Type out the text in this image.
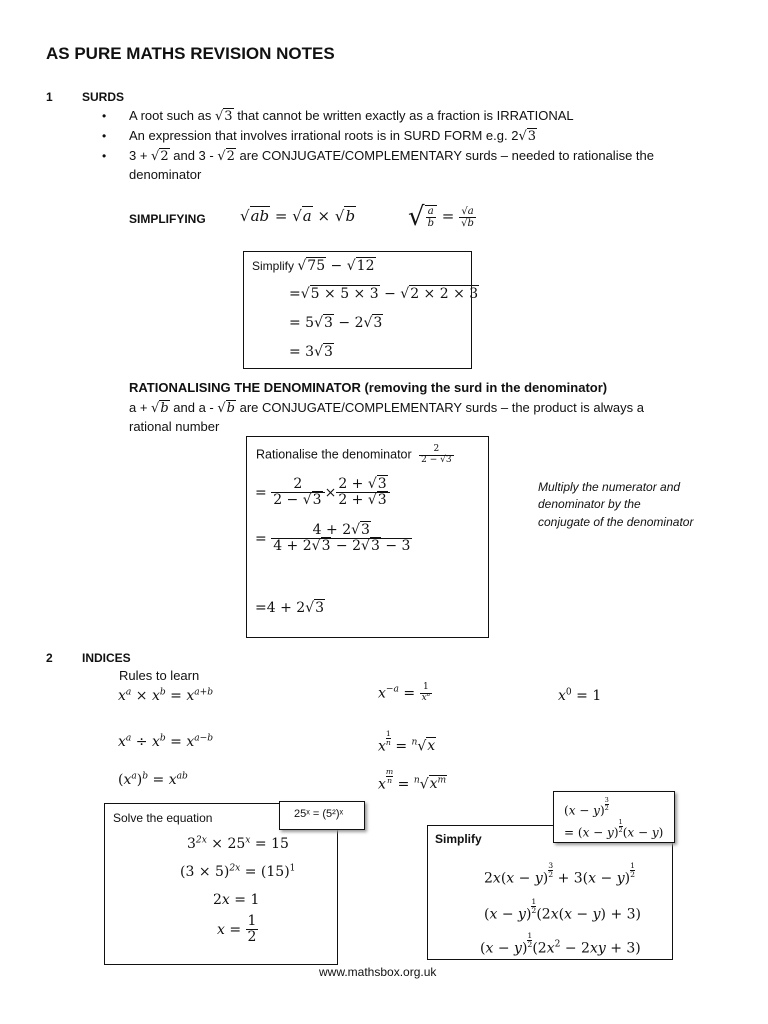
AS PURE MATHS REVISION NOTES
1 SURDS
• A root such as √3 that cannot be written exactly as a fraction is IRRATIONAL
• An expression that involves irrational roots is in SURD FORM e.g. 2√3
• 3 + √2 and 3 - √2 are CONJUGATE/COMPLEMENTARY surds – needed to rationalise the
denominator
SIMPLIFYING √ab = √a × √b √ $\frac{a}{b} = \frac{√a}{√b}$
Simplify √75 − √12
=√5 × 5 × 3 − √2 × 2 × 3
= 5√3 − 2√3
= 3√3
RATIONALISING THE DENOMINATOR (removing the surd in the denominator)
a + √b and a - √b are CONJUGATE/COMPLEMENTARY surds – the product is always a
rational number
Rationalise the denominator $\frac{2}{2 - √3}$
= $\frac{2}{2 - √3} \times \frac{2 + √3}{2 + √3}$
= $\frac{4 + 2√3}{4 + 2√3 - 2√3 - 3}$
=4 + 2√3
Multiply the numerator and
denominator by the
conjugate of the denominator
2 INDICES
Rules to learn
$x^a \times x^b = x^{a+b}$	$x^{-a} = \frac{1}{x^a}$	$x^0 = 1$
$x^a \div x^b = x^{a-b}$
x $\frac{1}{n} = ^n√x$
$(x^a)^b = x^{ab}$
x $\frac{m}{n} = ^n√x^m$
Solve the equation
$3^{2x} \times 25^x = 15$
$(3 \times 5)^{2x} = (15)^1$
2x = 1
$x = \frac{1}{2}$
25ˣ = (5²)ˣ
Simplify
$2x(x - y) \frac{3}{2} + 3(x - y) \frac{1}{2}$
$(x - y) \frac{1}{2} (2x(x - y) + 3)$
$(x - y) \frac{1}{2} (2x^2 - 2xy + 3)$
$(x - y) \frac{3}{2}$
= $(x - y) \frac{1}{2} (x - y)$
www.mathsbox.org.uk
